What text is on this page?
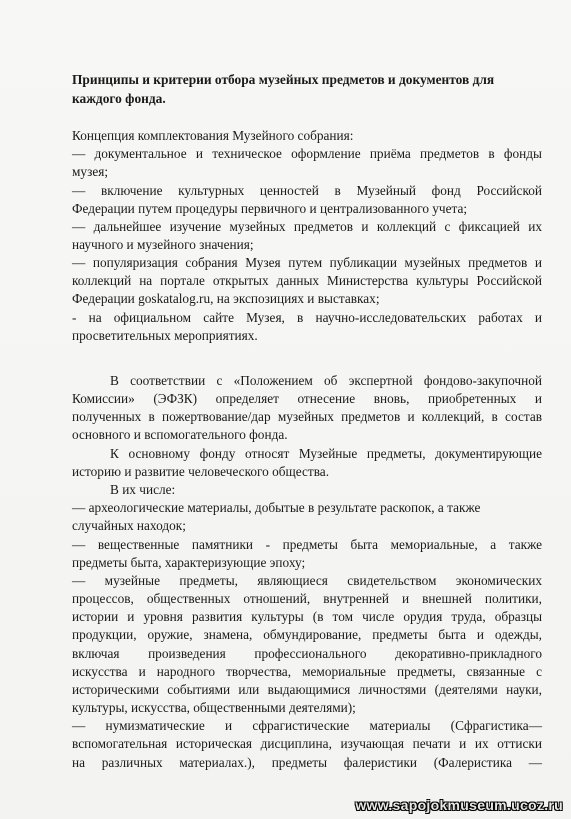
Принципы и критерии отбора музейных предметов и документов для
каждого фонда.

Концепция комплектования Музейного собрания:

— документальное и техническое оформление приёма предметов в фонды

музея;

— включение культурных ценностей в Музейный фонд Российской

Федерации путем процедуры первичного и централизованного учета;

— дальнейшее изучение музейных предметов и коллекций с фиксацией их

научного и музейного значения;

— популяризация собрания Музея путем публикации музейных предметов и

коллекций на портале открытых данных Министерства культуры Российской

Федерации goskatalog.ru, на экспозициях и выставках;

- на официальном сайте Музея, в научно-исследовательских работах и

просветительных мероприятиях.

В соответствии с «Положением об экспертной фондово-закупочной

Комиссии» (ЭФЗК) определяет отнесение вновь, приобретенных и

полученных в пожертвование/дар музейных предметов и коллекций, в состав

основного и вспомогательного фонда.

К основному фонду относят Музейные предметы, документирующие

историю и развитие человеческого общества.

В их числе:

— археологические материалы, добытые в результате раскопок, а также

случайных находок;

— вещественные памятники - предметы быта мемориальные, а также

предметы быта, характеризующие эпоху;

— музейные предметы, являющиеся свидетельством экономических

процессов, общественных отношений, внутренней и внешней политики,

истории и уровня развития культуры (в том числе орудия труда, образцы

продукции, оружие, знамена, обмундирование, предметы быта и одежды,

включая произведения профессионального декоративно-прикладного

искусства и народного творчества, мемориальные предметы, связанные с

историческими событиями или выдающимися личностями (деятелями науки,

культуры, искусства, общественными деятелями);

— нумизматические и сфрагистические материалы (Сфрагистика—

вспомогательная историческая дисциплина, изучающая печати и их оттиски

на различных материалах.), предметы фалеристики (Фалеристика —

www.sapojokmuseum.ucoz.ru
